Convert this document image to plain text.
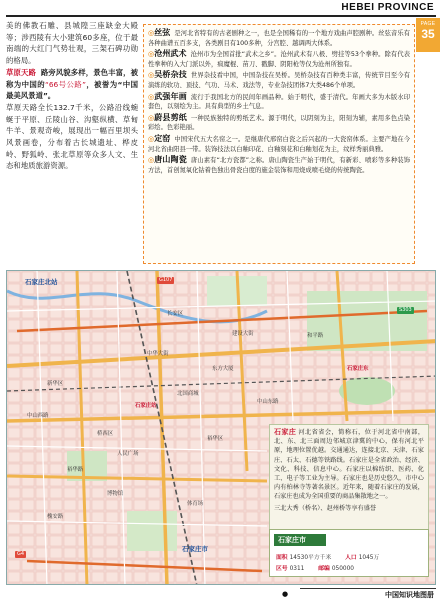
HEBEI PROVINCE
PAGE
35

美的佛教石雕、县城隍三座缺金大殿等；涉西陵有大小建筑60多座，位于最南端的大红门气势壮观，三架石碑功勋的格局。

草原天路 路旁风貌多样，景色丰富，被称为中国的“66号公路”，被誉为“中国最美风景道”。

草原天路全长132.7千米，公路沿线蜿蜒于平原、丘陵山谷、沟壑纵横、草甸牛羊、景观奇峻，展现出一幅百里坝头风景画卷，分布着古长城遗址、桦皮岭、野狐岭、张北草原等众多人文、生态和地质旅游资源。

◎丝弦 是河北省特有的古老剧种之一，也是全国稀有的一个地方戏曲声腔剧种。丝弦音乐有各种曲谱五百多支，各类剧目有100多种，分宫腔、越调两大体系。
◎沧州武术 沧州市为全国首批“武术之乡”。沧州武术有八极、劈挂等53个拳种。除有代表性拳种的入大门派以外，疯魔棍、苗刀、戳脚、阴阳枪等仅为沧州所独有。
◎吴桥杂技 世界杂技看中国，中国杂技在吴桥。吴桥杂技有百种类丰富，传统节目至今有演练的软功、顶技、气功、马术、戏法等，专业杂技团体7大类486个单项。
◎武强年画 流行于我国北方的民间年画品种。始于明代，盛于清代。年画大多为木版水印套色，以刻绘为主。具有典型的乡土气息。
◎蔚县剪纸 一种民族独特的剪纸艺术。源于明代，以阴刻为主，阳刻为辅，素用多色点染彩绘。色彩艳丽。
◎定窑 中国宋代五大名窑之一。是继唐代邢窑白瓷之后兴起的一大瓷窑体系。主要产地在今河北省曲阳县一带。装饰技法以白釉印花、白釉刻花和白釉划花为主，纹样秀丽典雅。
◎唐山陶瓷 唐山素有“北方瓷都”之称。唐山陶瓷生产始于明代，有新彩、喷彩等多种装饰方法，首创氮氧化钴着色独出骨瓷白度的施金装饰和用烧成喷毛烧的传统陶瓷。
石家庄北站
长安区
新华区
桥西区
裕华区
石家庄站
北国商城
中山西路
中山东路
裕华路
槐安路
建设大街
中华大街
和平路
石家庄东
博物馆
体育场
人民广场
东方大厦
石家庄市
G107
S303
G4

石家庄 河北省省会，简称石，位于河北省中南部，北、东、北三面周边邻城京津冀的中心，保有河北平原，地理位置优越。交通通达，连接北京、天津、石家庄、石太、石德等铁路线。石家庄是全省政治、经济、文化、科技、信息中心。石家庄以棉纺织、医药、化工、电子等工业为主导。石家庄也是历史悠久，市中心内有柏林寺等著名景区。近年来，随着石家庄的发展，石家庄也成为全国重要的商品集散地之一。

三北大秀（桥名）、赵州桥等享有盛誉

石家庄市
面积 14530平方千米 人口 1045万
区号 0311 邮编 050000
●	中国知识地图册
